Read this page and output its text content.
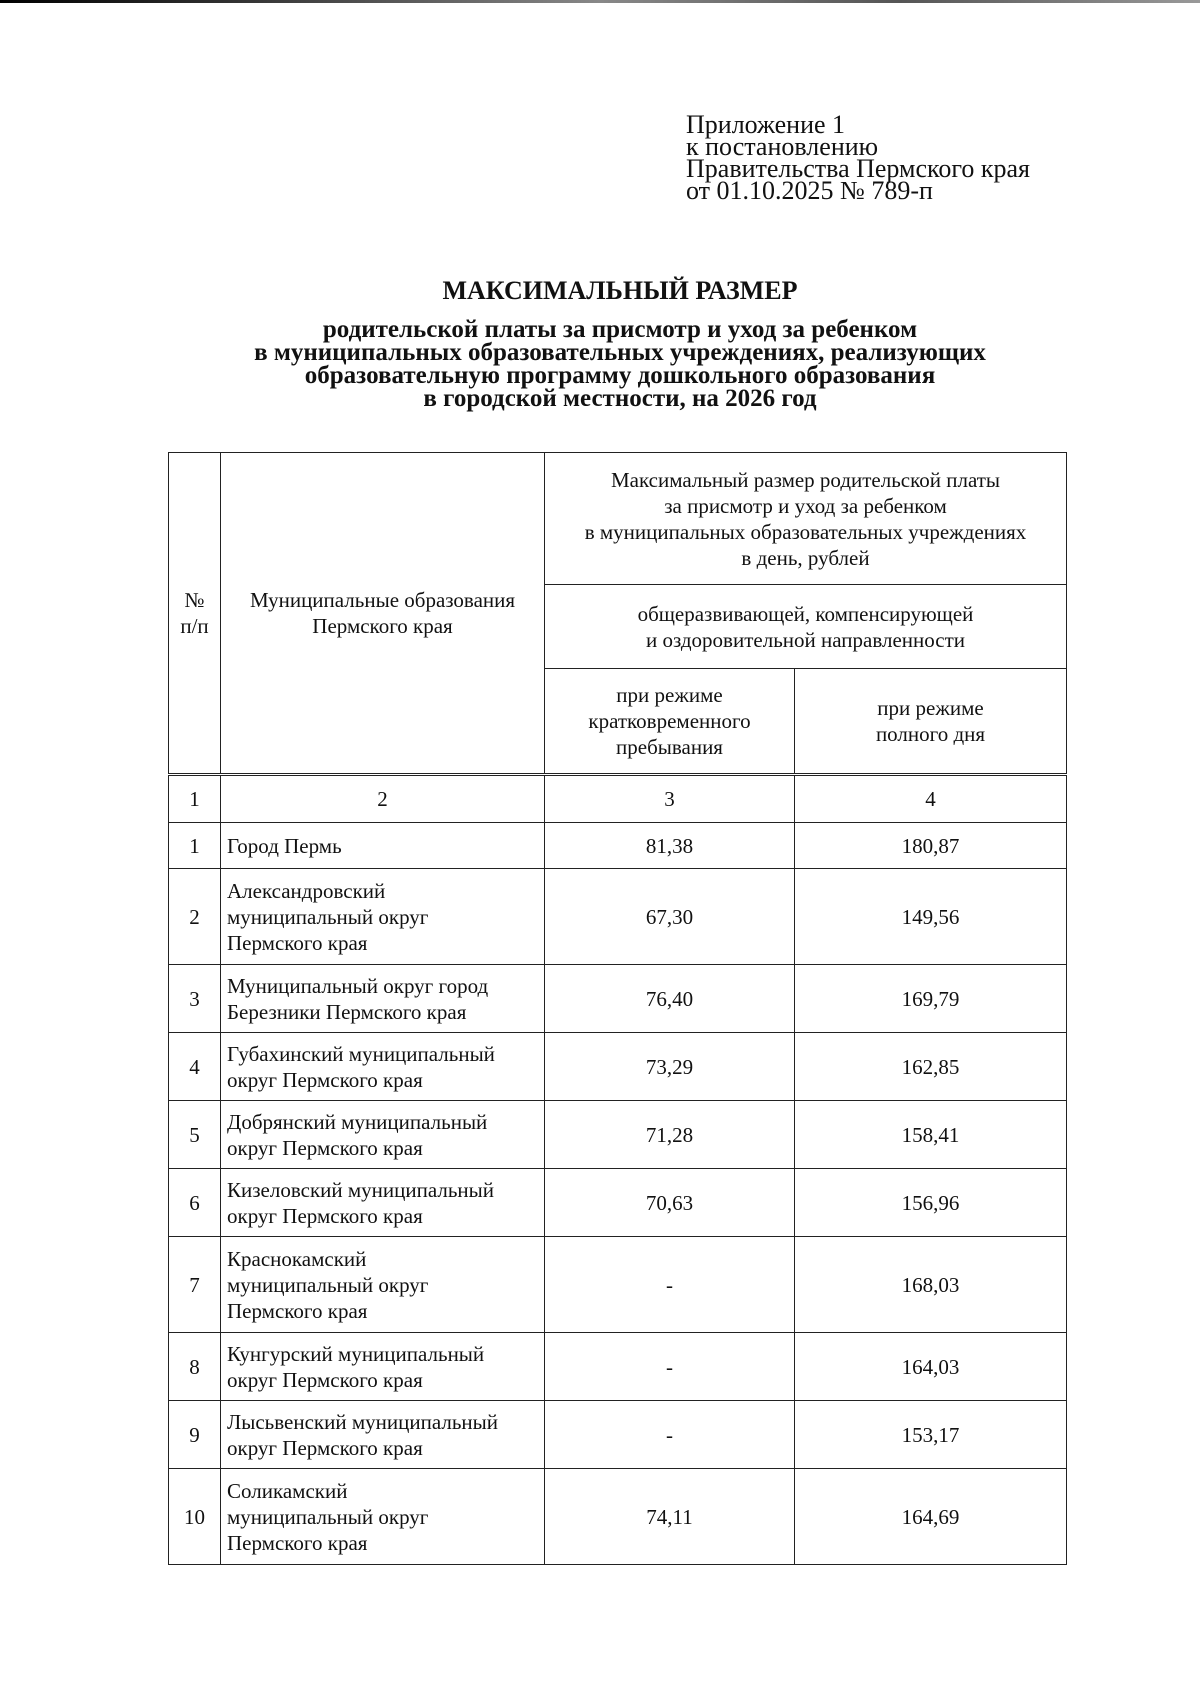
Приложение 1
к постановлению
Правительства Пермского края
от 01.10.2025 № 789-п
МАКСИМАЛЬНЫЙ РАЗМЕР
родительской платы за присмотр и уход за ребенком
в муниципальных образовательных учреждениях, реализующих
образовательную программу дошкольного образования
в городской местности, на 2026 год
№
п/п

Муниципальные образования
Пермского края

Максимальный размер родительской платы
за присмотр и уход за ребенком
в муниципальных образовательных учреждениях
в день, рублей

		общеразвивающей, компенсирующей
и оздоровительной направленности	

при режиме
кратковременного
пребывания

при режиме
полного дня

1	2	3	4
1	Город Пермь	81,38	180,87
2	Александровский
муниципальный округ
Пермского края	67,30	149,56
3	Муниципальный округ город
Березники Пермского края	76,40	169,79
4	Губахинский муниципальный
округ Пермского края	73,29	162,85
5	Добрянский муниципальный
округ Пермского края	71,28	158,41
6	Кизеловский муниципальный
округ Пермского края	70,63	156,96
7	Краснокамский
муниципальный округ
Пермского края	-	168,03
8	Кунгурский муниципальный
округ Пермского края	-	164,03
9	Лысьвенский муниципальный
округ Пермского края	-	153,17
10	Соликамский
муниципальный округ
Пермского края	74,11	164,69
